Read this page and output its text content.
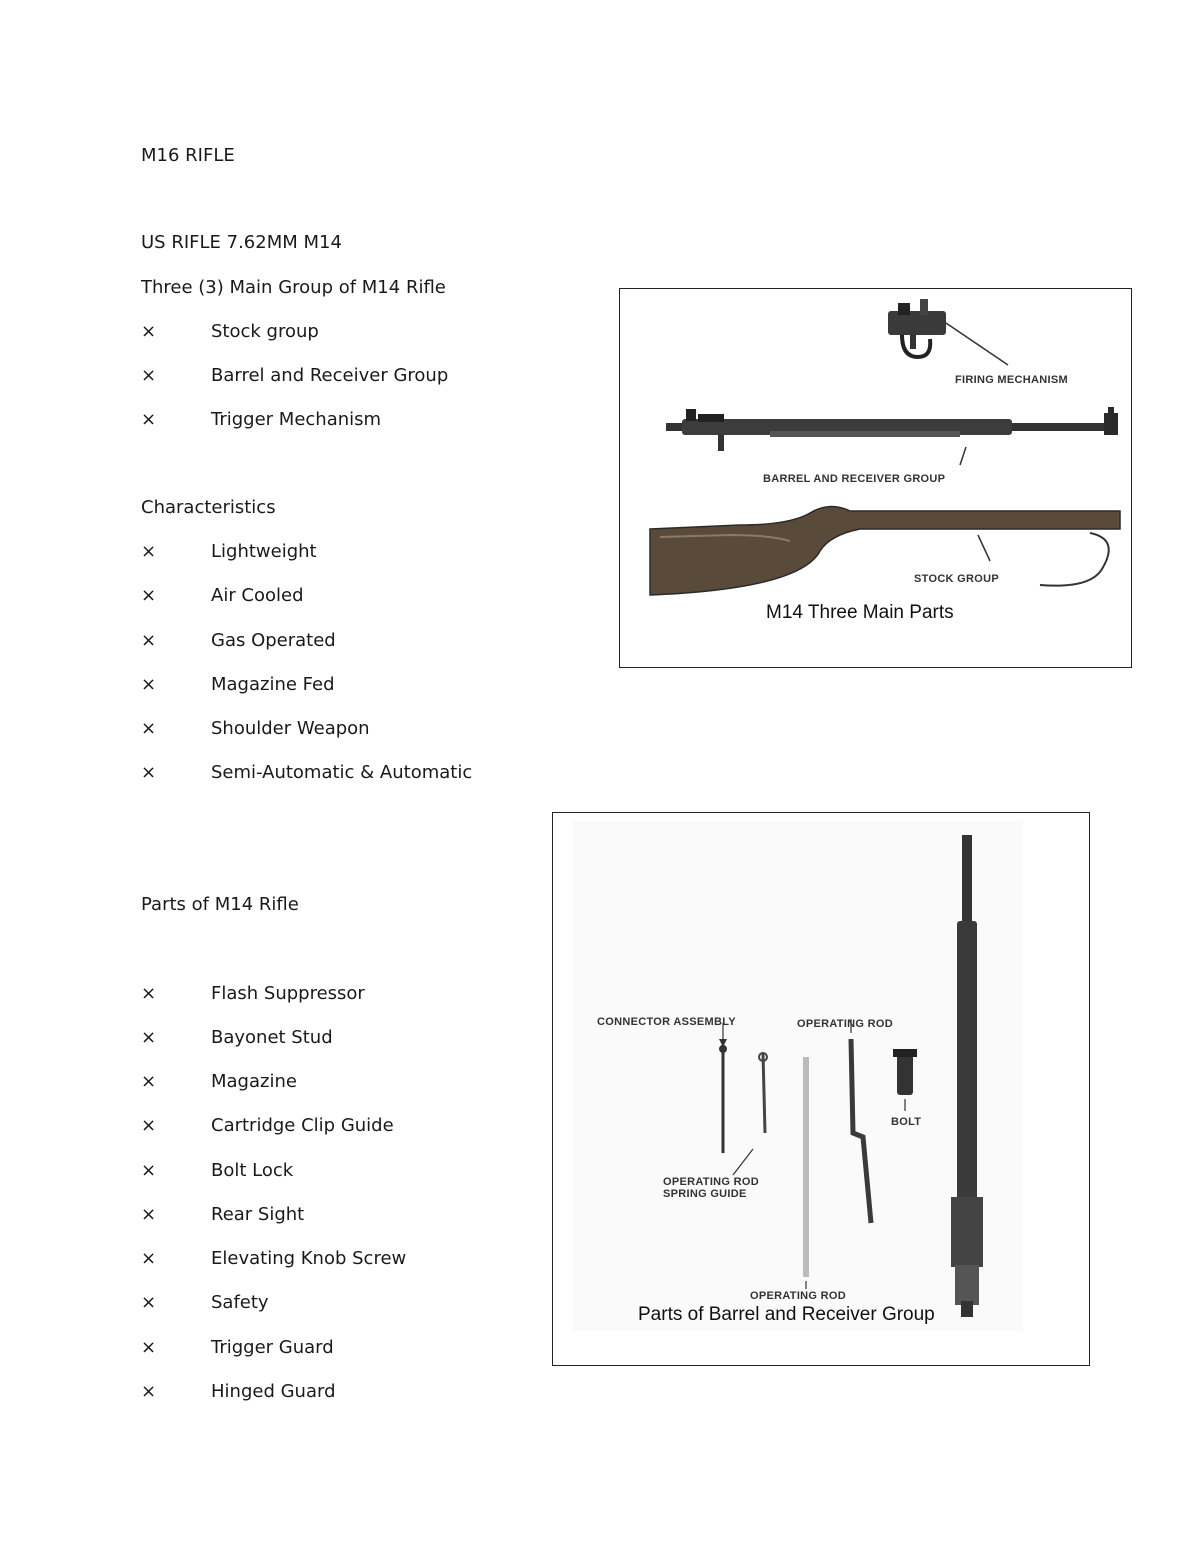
M16 RIFLE
US RIFLE 7.62MM M14
Three (3) Main Group of M14 Rifle
×	Stock group
×	Barrel and Receiver Group
×	Trigger Mechanism
Characteristics
×	Lightweight
×	Air Cooled
×	Gas Operated
×	Magazine Fed
×	Shoulder Weapon
×	Semi-Automatic & Automatic
Parts of M14 Rifle
×	Flash Suppressor
×	Bayonet Stud
×	Magazine
×	Cartridge Clip Guide
×	Bolt Lock
×	Rear Sight
×	Elevating Knob Screw
×	Safety
×	Trigger Guard
×	Hinged Guard
FIRING MECHANISM
BARREL AND RECEIVER GROUP
STOCK GROUP
M14 Three Main Parts
CONNECTOR ASSEMBLY
OPERATING ROD
SPRING GUIDE
OPERATING ROD
OPERATING ROD
BOLT
Parts of Barrel and Receiver Group
